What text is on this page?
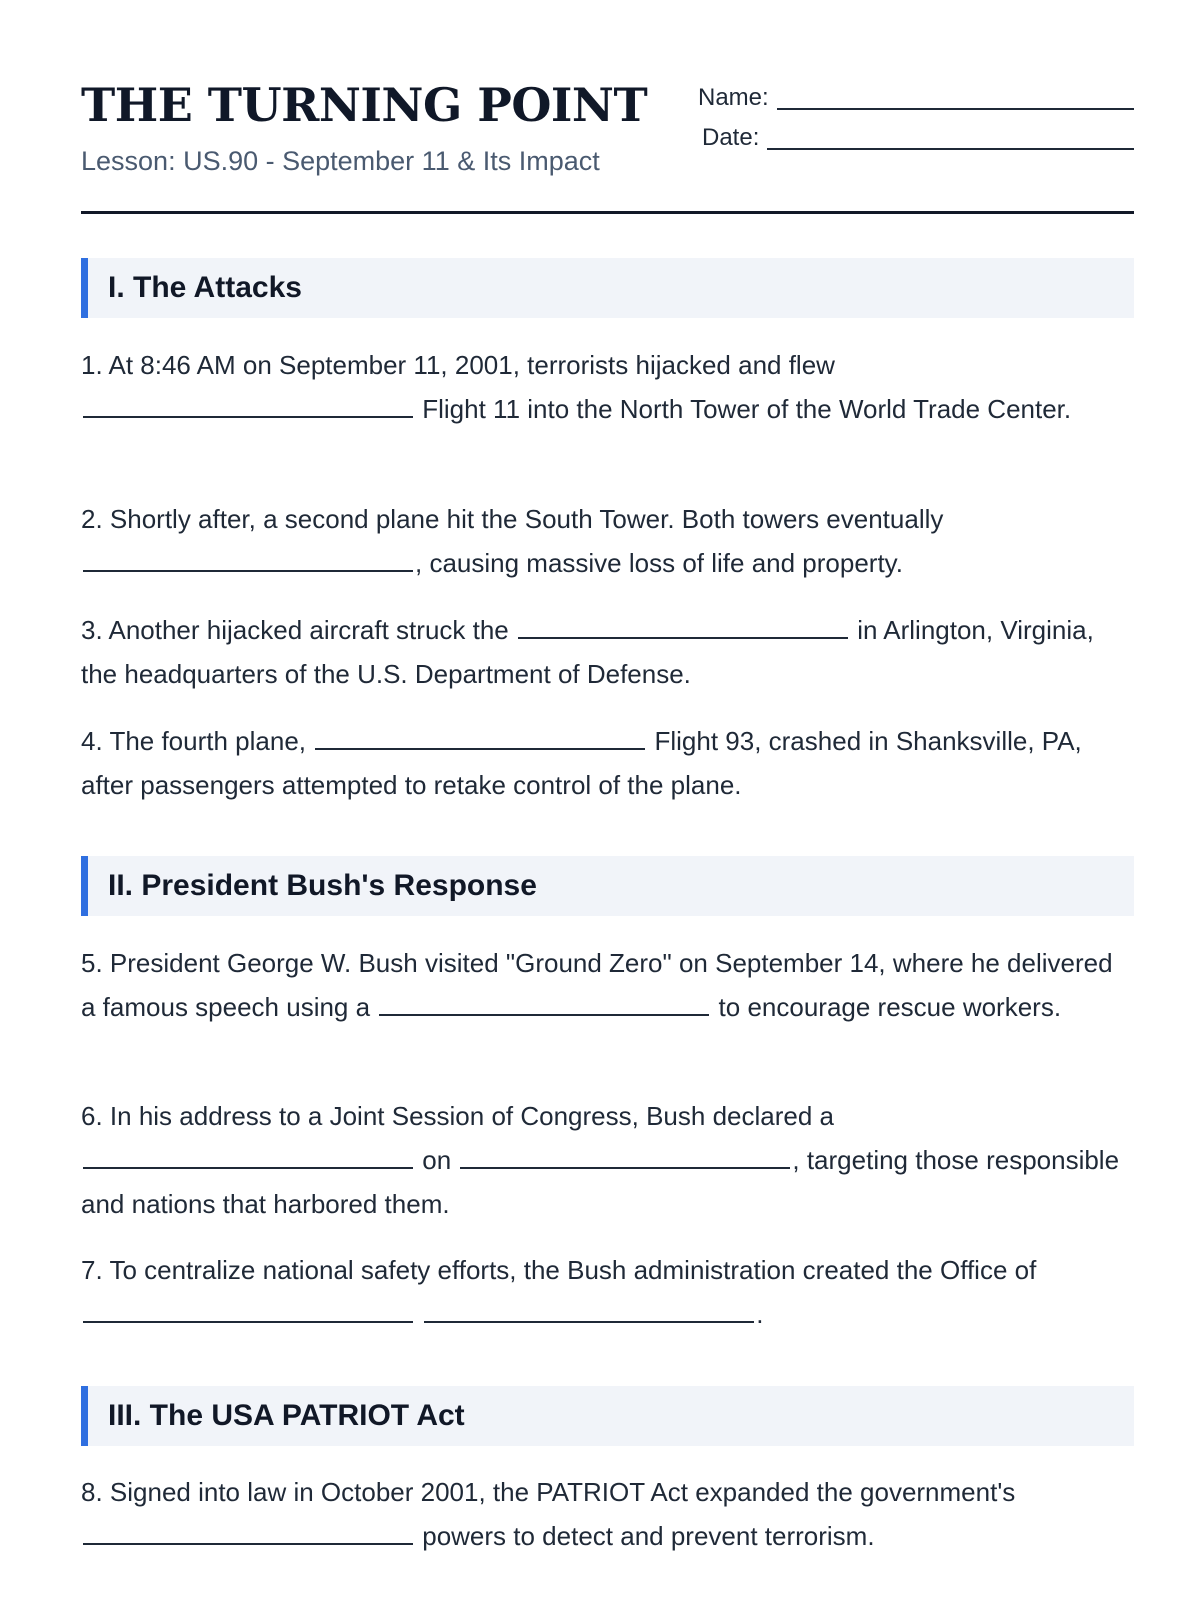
THE TURNING POINT
Lesson: US.90 - September 11 & Its Impact
Name:
Date:
I. The Attacks

1. At 8:46 AM on September 11, 2001, terrorists hijacked and flew  Flight 11 into the North Tower of the World Trade Center.

2. Shortly after, a second plane hit the South Tower. Both towers eventually , causing massive loss of life and property.

3. Another hijacked aircraft struck the	in Arlington, Virginia, the headquarters of the U.S. Department of Defense.

4. The fourth plane,	Flight 93, crashed in Shanksville, PA, after passengers attempted to retake control of the plane.

II. President Bush's Response

5. President George W. Bush visited "Ground Zero" on September 14, where he delivered a famous speech using a	to encourage rescue workers.

6. In his address to a Joint Session of Congress, Bush declared a  on	, targeting those responsible and nations that harbored them.

7. To centralize national safety efforts, the Bush administration created the Office of  .

III. The USA PATRIOT Act

8. Signed into law in October 2001, the PATRIOT Act expanded the government's  powers to detect and prevent terrorism.
